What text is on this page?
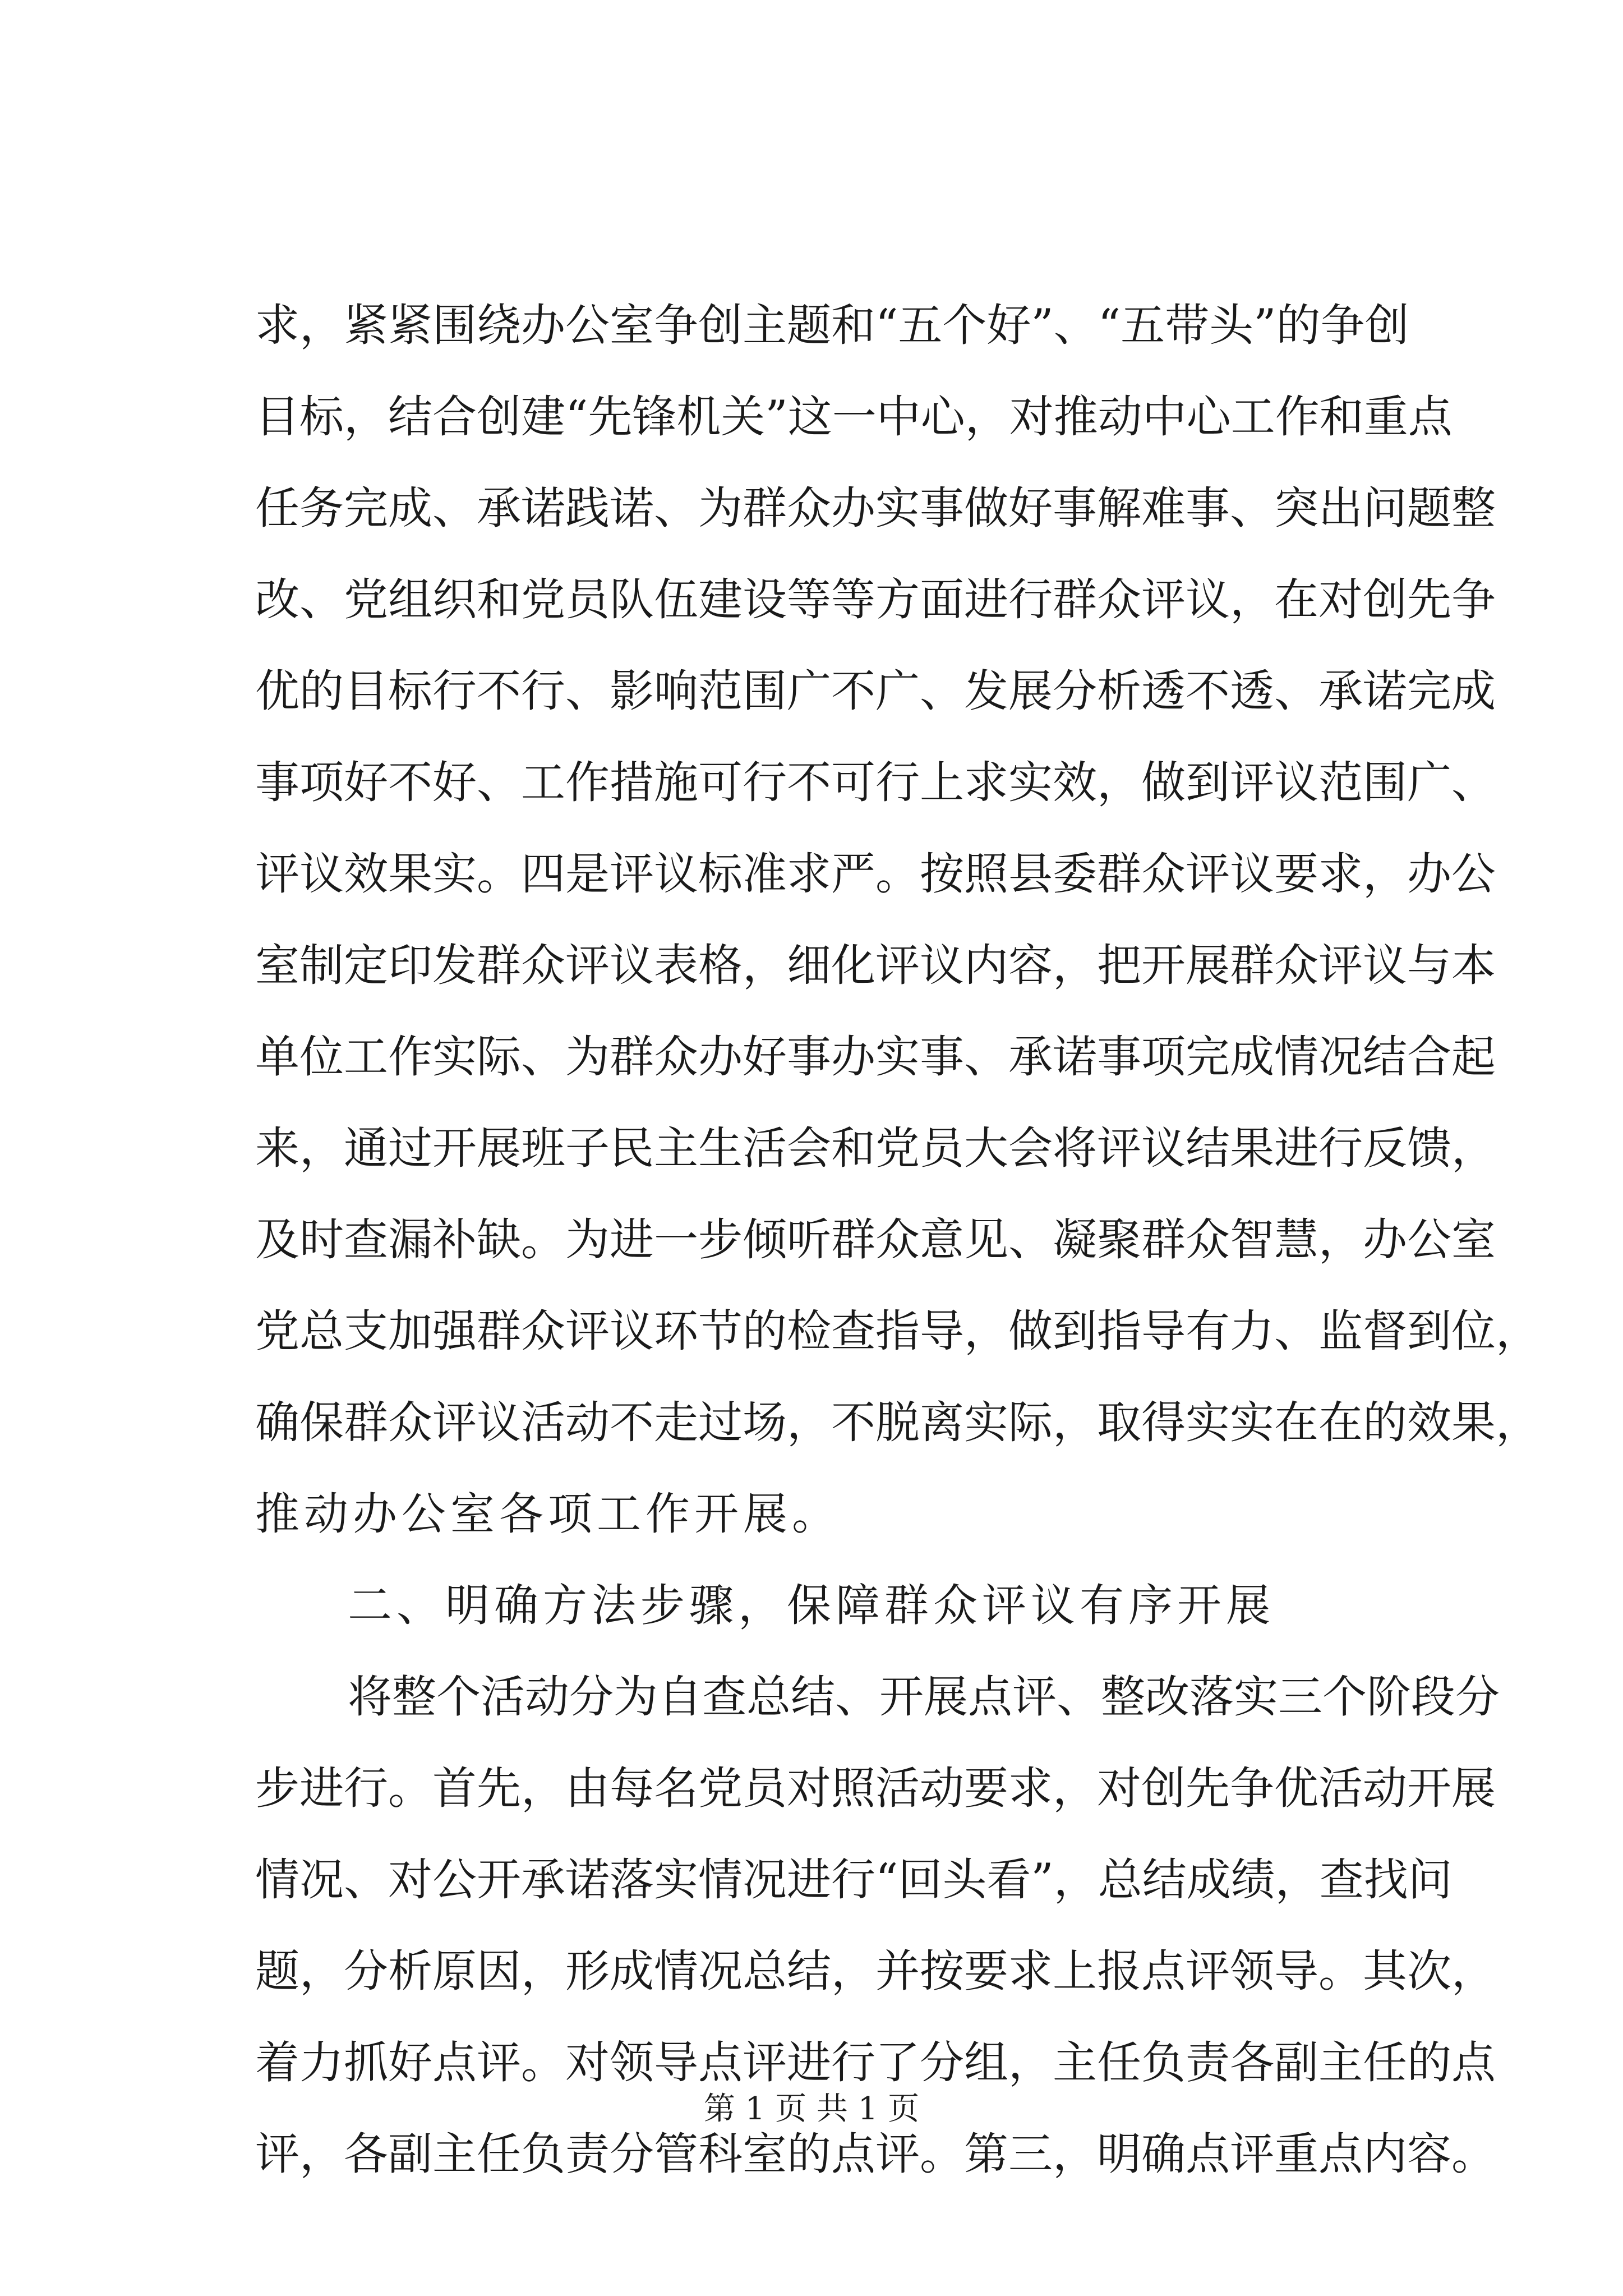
求 ， 紧 紧 围 绕 办 公 室 争 创 主 题 和 “ 五 个 好 ” 、 “ 五 带 头 ” 的 争 创
目 标 ， 结 合 创 建 “ 先 锋 机 关 ” 这 一 中 心 ， 对 推 动 中 心 工 作 和 重 点
任 务 完 成 、 承 诺 践 诺 、 为 群 众 办 实 事 做 好 事 解 难 事 、 突 出 问 题 整
改 、 党 组 织 和 党 员 队 伍 建 设 等 等 方 面 进 行 群 众 评 议 ， 在 对 创 先 争
优 的 目 标 行 不 行 、 影 响 范 围 广 不 广 、 发 展 分 析 透 不 透 、 承 诺 完 成
事 项 好 不 好 、 工 作 措 施 可 行 不 可 行 上 求 实 效 ， 做 到 评 议 范 围 广 、
评 议 效 果 实 。 四 是 评 议 标 准 求 严 。 按 照 县 委 群 众 评 议 要 求 ， 办 公
室 制 定 印 发 群 众 评 议 表 格 ， 细 化 评 议 内 容 ， 把 开 展 群 众 评 议 与 本
单 位 工 作 实 际 、 为 群 众 办 好 事 办 实 事 、 承 诺 事 项 完 成 情 况 结 合 起
来 ， 通 过 开 展 班 子 民 主 生 活 会 和 党 员 大 会 将 评 议 结 果 进 行 反 馈 ，
及 时 查 漏 补 缺 。 为 进 一 步 倾 听 群 众 意 见 、 凝 聚 群 众 智 慧 ， 办 公 室
党 总 支 加 强 群 众 评 议 环 节 的 检 查 指 导 ， 做 到 指 导 有 力 、 监 督 到 位 ，
确 保 群 众 评 议 活 动 不 走 过 场 ， 不 脱 离 实 际 ， 取 得 实 实 在 在 的 效 果 ，
推动办公室各项工作开展。
二、明确方法步骤，保障群众评议有序开展
将 整 个 活 动 分 为 自 查 总 结 、 开 展 点 评 、 整 改 落 实 三 个 阶 段 分
步 进 行 。 首 先 ， 由 每 名 党 员 对 照 活 动 要 求 ， 对 创 先 争 优 活 动 开 展
情 况 、 对 公 开 承 诺 落 实 情 况 进 行 “ 回 头 看 ” ， 总 结 成 绩 ， 查 找 问
题 ， 分 析 原 因 ， 形 成 情 况 总 结 ， 并 按 要 求 上 报 点 评 领 导 。 其 次 ，
着 力 抓 好 点 评 。 对 领 导 点 评 进 行 了 分 组 ， 主 任 负 责 各 副 主 任 的 点
评 ， 各 副 主 任 负 责 分 管 科 室 的 点 评 。 第 三 ， 明 确 点 评 重 点 内 容 。
第 1 页 共 1 页
